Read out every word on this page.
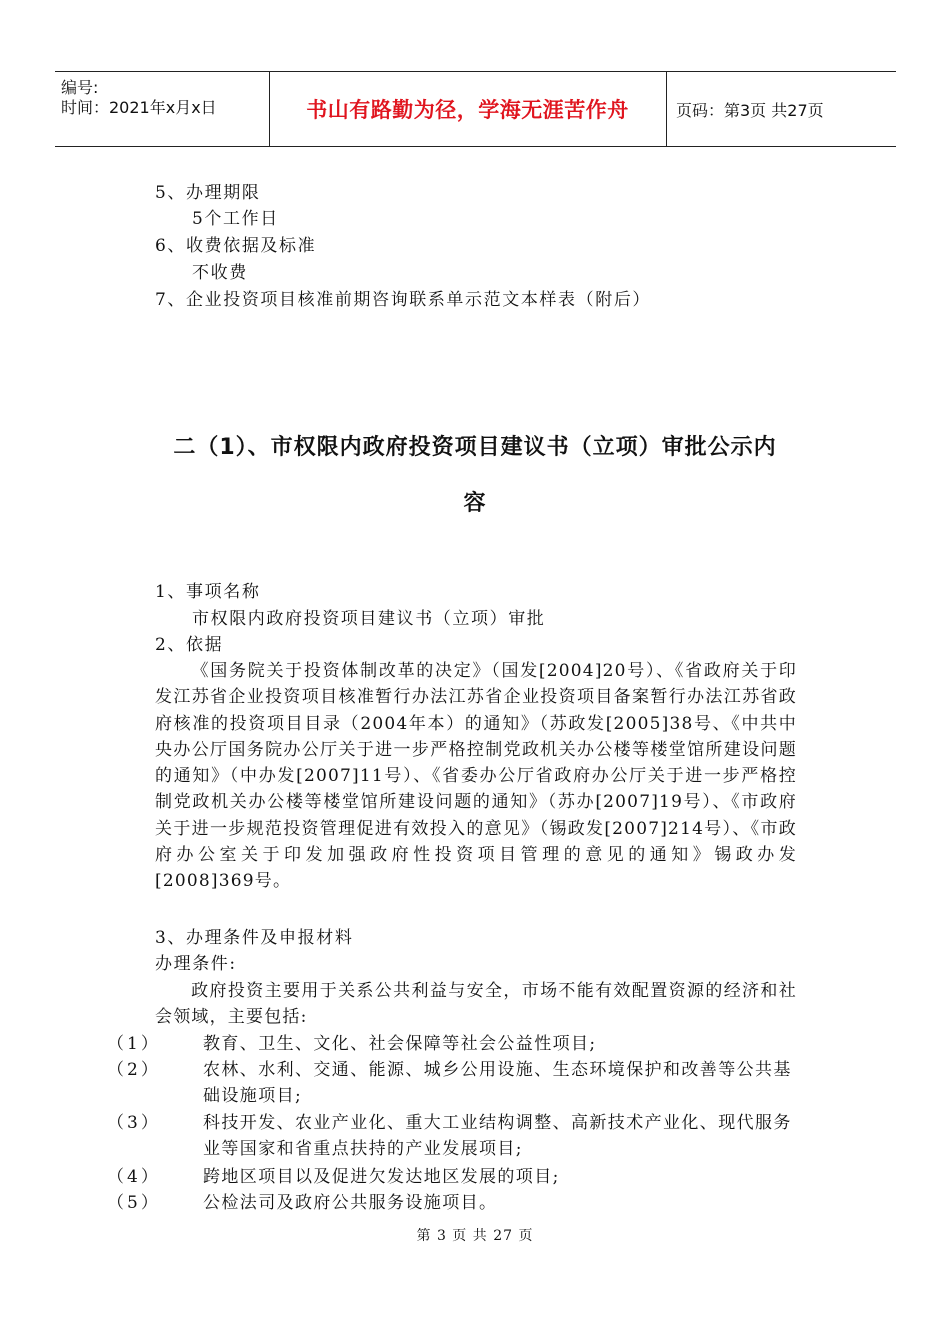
编号:
时间：2021年x月x日	书山有路勤为径，学海无涯苦作舟	页码：第3页 共27页
5、办理期限
5个工作日
6、收费依据及标准
不收费
7、企业投资项目核准前期咨询联系单示范文本样表（附后）
二（1）、市权限内政府投资项目建议书（立项）审批公示内
容
1、事项名称
市权限内政府投资项目建议书（立项）审批
2、依据
《国务院关于投资体制改革的决定》（国发[2004]20号）、《省政府关于印发江苏省企业投资项目核准暂行办法江苏省企业投资项目备案暂行办法江苏省政府核准的投资项目目录（2004年本）的通知》（苏政发[2005]38号、《中共中央办公厅国务院办公厅关于进一步严格控制党政机关办公楼等楼堂馆所建设问题的通知》（中办发[2007]11号）、《省委办公厅省政府办公厅关于进一步严格控制党政机关办公楼等楼堂馆所建设问题的通知》（苏办[2007]19号）、《市政府关于进一步规范投资管理促进有效投入的意见》（锡政发[2007]214号）、《市政府办公室关于印发加强政府性投资项目管理的意见的通知》锡政办发[2008]369号。
3、办理条件及申报材料
办理条件:
政府投资主要用于关系公共利益与安全，市场不能有效配置资源的经济和社会领域，主要包括:
（1） 教育、卫生、文化、社会保障等社会公益性项目;
（2） 农林、水利、交通、能源、城乡公用设施、生态环境保护和改善等公共基础设施项目;
（3） 科技开发、农业产业化、重大工业结构调整、高新技术产业化、现代服务业等国家和省重点扶持的产业发展项目;
（4） 跨地区项目以及促进欠发达地区发展的项目;
（5） 公检法司及政府公共服务设施项目。
第 3 页 共 27 页
